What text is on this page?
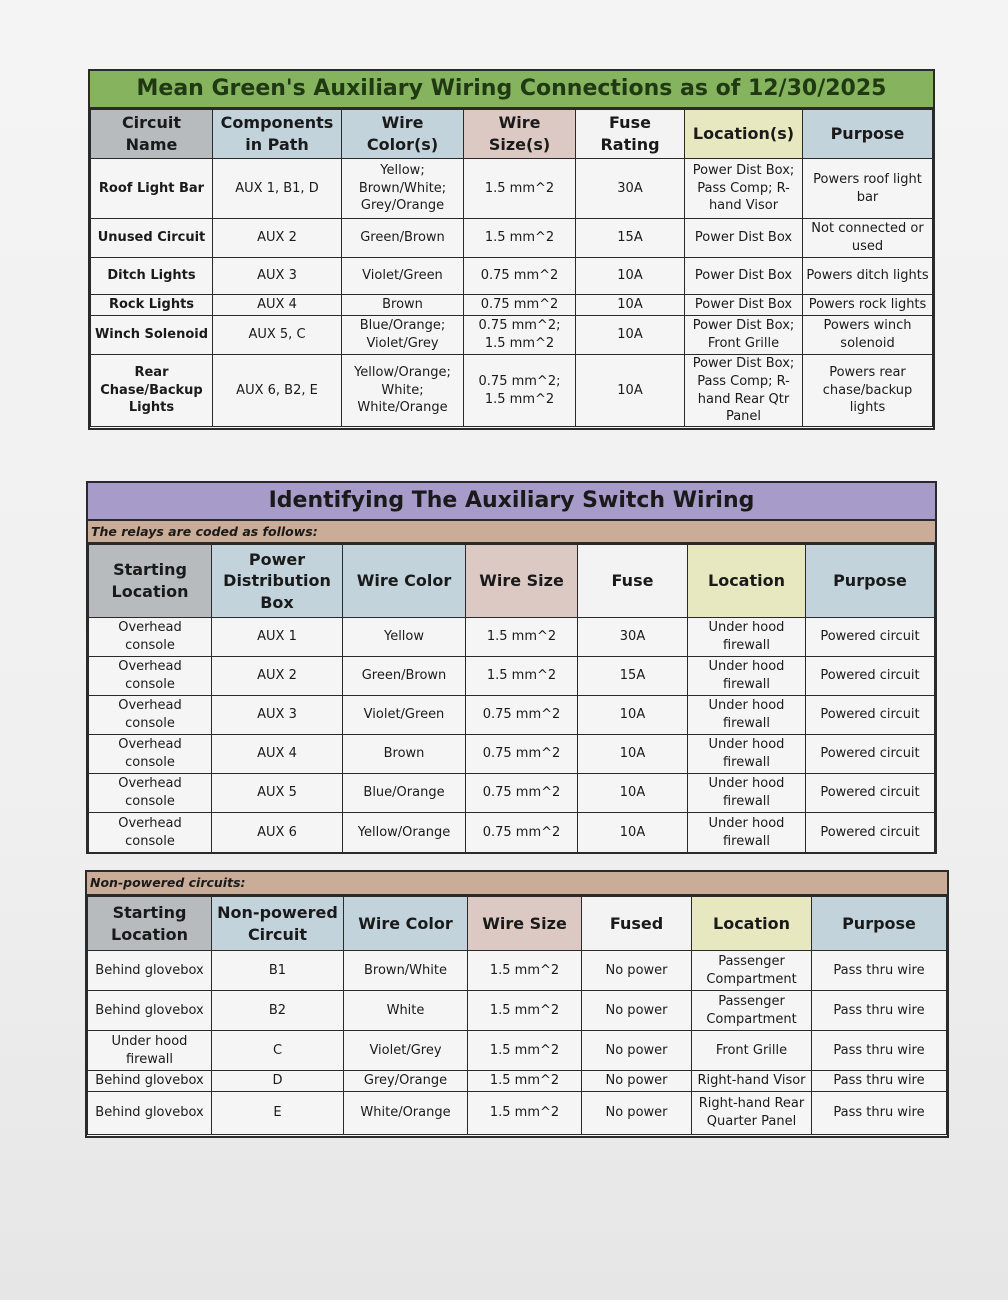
Mean Green's Auxiliary Wiring Connections as of 12/30/2025
Circuit Name	Components in Path	Wire Color(s)	Wire Size(s)	Fuse Rating	Location(s)	Purpose
Roof Light Bar	AUX 1, B1, D	Yellow; Brown/White; Grey/Orange	1.5 mm^2	30A	Power Dist Box; Pass Comp; R-hand Visor	Powers roof light bar
Unused Circuit	AUX 2	Green/Brown	1.5 mm^2	15A	Power Dist Box	Not connected or used
Ditch Lights	AUX 3	Violet/Green	0.75 mm^2	10A	Power Dist Box	Powers ditch lights
Rock Lights	AUX 4	Brown	0.75 mm^2	10A	Power Dist Box	Powers rock lights
Winch Solenoid	AUX 5, C	Blue/Orange; Violet/Grey	0.75 mm^2; 1.5 mm^2	10A	Power Dist Box; Front Grille	Powers winch solenoid
Rear Chase/Backup Lights	AUX 6, B2, E	Yellow/Orange; White; White/Orange	0.75 mm^2; 1.5 mm^2	10A	Power Dist Box; Pass Comp; R-hand Rear Qtr Panel	Powers rear chase/backup lights
Identifying The Auxiliary Switch Wiring
The relays are coded as follows:
Starting Location	Power Distribution Box	Wire Color	Wire Size	Fuse	Location	Purpose
Overhead console	AUX 1	Yellow	1.5 mm^2	30A	Under hood firewall	Powered circuit
Overhead console	AUX 2	Green/Brown	1.5 mm^2	15A	Under hood firewall	Powered circuit
Overhead console	AUX 3	Violet/Green	0.75 mm^2	10A	Under hood firewall	Powered circuit
Overhead console	AUX 4	Brown	0.75 mm^2	10A	Under hood firewall	Powered circuit
Overhead console	AUX 5	Blue/Orange	0.75 mm^2	10A	Under hood firewall	Powered circuit
Overhead console	AUX 6	Yellow/Orange	0.75 mm^2	10A	Under hood firewall	Powered circuit
Non-powered circuits:
Starting Location	Non-powered Circuit	Wire Color	Wire Size	Fused	Location	Purpose
Behind glovebox	B1	Brown/White	1.5 mm^2	No power	Passenger Compartment	Pass thru wire
Behind glovebox	B2	White	1.5 mm^2	No power	Passenger Compartment	Pass thru wire
Under hood firewall	C	Violet/Grey	1.5 mm^2	No power	Front Grille	Pass thru wire
Behind glovebox	D	Grey/Orange	1.5 mm^2	No power	Right-hand Visor	Pass thru wire
Behind glovebox	E	White/Orange	1.5 mm^2	No power	Right-hand Rear Quarter Panel	Pass thru wire
